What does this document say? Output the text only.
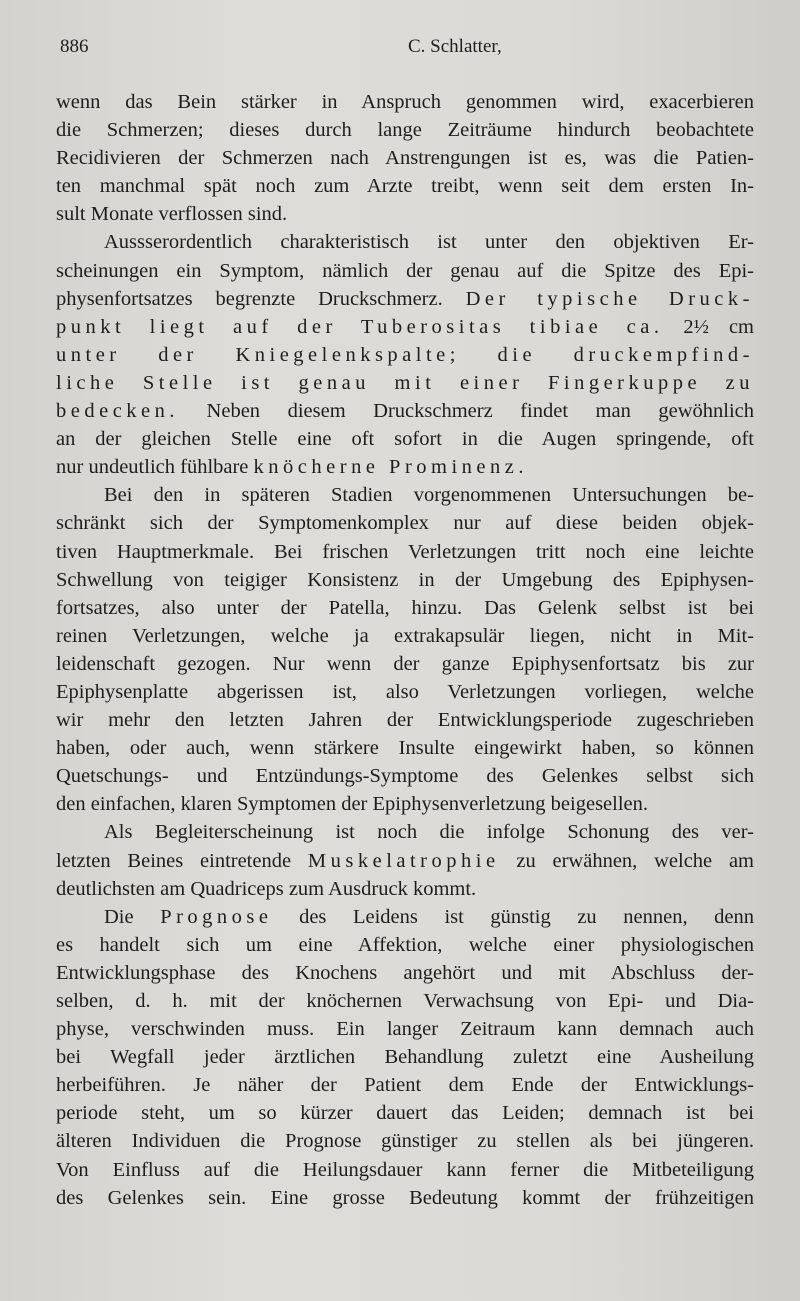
886	C. Schlatter,
wenn das Bein stärker in Anspruch genommen wird, exacerbieren
die Schmerzen; dieses durch lange Zeiträume hindurch beobachtete
Recidivieren der Schmerzen nach Anstrengungen ist es, was die Patien-
ten manchmal spät noch zum Arzte treibt, wenn seit dem ersten In-
sult Monate verflossen sind.
Aussserordentlich charakteristisch ist unter den objektiven Er-
scheinungen ein Symptom, nämlich der genau auf die Spitze des Epi-
physenfortsatzes begrenzte Druckschmerz. Der typische Druck-
punkt liegt auf der Tuberositas tibiae ca. 2½ cm
unter der Kniegelenkspalte; die druckempfind-
liche Stelle ist genau mit einer Fingerkuppe zu
bedecken. Neben diesem Druckschmerz findet man gewöhnlich
an der gleichen Stelle eine oft sofort in die Augen springende, oft
nur undeutlich fühlbare knöcherne Prominenz.
Bei den in späteren Stadien vorgenommenen Untersuchungen be-
schränkt sich der Symptomenkomplex nur auf diese beiden objek-
tiven Hauptmerkmale. Bei frischen Verletzungen tritt noch eine leichte
Schwellung von teigiger Konsistenz in der Umgebung des Epiphysen-
fortsatzes, also unter der Patella, hinzu. Das Gelenk selbst ist bei
reinen Verletzungen, welche ja extrakapsulär liegen, nicht in Mit-
leidenschaft gezogen. Nur wenn der ganze Epiphysenfortsatz bis zur
Epiphysenplatte abgerissen ist, also Verletzungen vorliegen, welche
wir mehr den letzten Jahren der Entwicklungsperiode zugeschrieben
haben, oder auch, wenn stärkere Insulte eingewirkt haben, so können
Quetschungs- und Entzündungs-Symptome des Gelenkes selbst sich
den einfachen, klaren Symptomen der Epiphysenverletzung beigesellen.
Als Begleiterscheinung ist noch die infolge Schonung des ver-
letzten Beines eintretende Muskelatrophie zu erwähnen, welche am
deutlichsten am Quadriceps zum Ausdruck kommt.
Die Prognose des Leidens ist günstig zu nennen, denn
es handelt sich um eine Affektion, welche einer physiologischen
Entwicklungsphase des Knochens angehört und mit Abschluss der-
selben, d. h. mit der knöchernen Verwachsung von Epi- und Dia-
physe, verschwinden muss. Ein langer Zeitraum kann demnach auch
bei Wegfall jeder ärztlichen Behandlung zuletzt eine Ausheilung
herbeiführen. Je näher der Patient dem Ende der Entwicklungs-
periode steht, um so kürzer dauert das Leiden; demnach ist bei
älteren Individuen die Prognose günstiger zu stellen als bei jüngeren.
Von Einfluss auf die Heilungsdauer kann ferner die Mitbeteiligung
des Gelenkes sein. Eine grosse Bedeutung kommt der frühzeitigen
